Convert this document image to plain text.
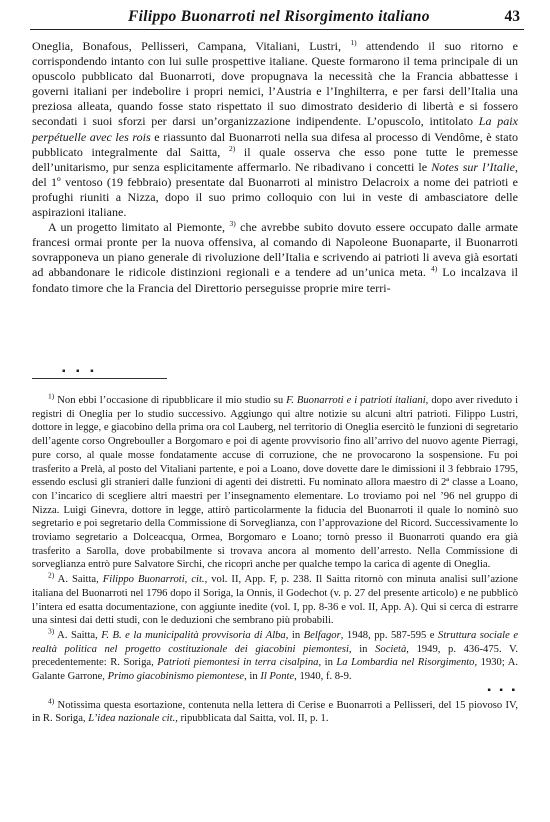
Filippo Buonarroti nel Risorgimento italiano	43

Oneglia, Bonafous, Pellisseri, Campana, Vitaliani, Lustri, $^{1)}$ attendendo il suo ritorno e corrispondendo intanto con lui sulle prospettive italiane. Queste formarono il tema principale di un opuscolo pubblicato dal Buonarroti, dove propugnava la necessità che la Francia abbattesse i governi italiani per indebolire i propri nemici, l’Austria e l’Inghilterra, e per farsi dell’Italia una preziosa alleata, quando fosse stato rispettato il suo dimostrato desiderio di libertà e si fossero secondati i suoi sforzi per darsi un’organizzazione indipendente. L’opuscolo, intitolato La paix perpétuelle avec les rois e riassunto dal Buonarroti nella sua difesa al processo di Vendôme, è stato pubblicato integralmente dal Saitta, $^{2)}$ il quale osserva che esso pone tutte le premesse dell’unitarismo, pur senza esplicitamente affermarlo. Ne ribadivano i concetti le Notes sur l’Italie, del 1º ventoso (19 febbraio) presentate dal Buonarroti al ministro Delacroix a nome dei patrioti e profughi riuniti a Nizza, dopo il suo primo colloquio con lui in veste di ambasciatore delle aspirazioni italiane.

A un progetto limitato al Piemonte, $^{3)}$ che avrebbe subito dovuto essere occupato dalle armate francesi ormai pronte per la nuova offensiva, al comando di Napoleone Buonaparte, il Buonarroti sovrapponeva un piano generale di rivoluzione dell’Italia e scrivendo ai patrioti li aveva già esortati ad abbandonare le ridicole distinzioni regionali e a tendere ad un’unica meta. $^{4)}$ Lo incalzava il fondato timore che la Francia del Direttorio perseguisse proprie mire terri-

▪ ▪ ▪

$^{1)}$ Non ebbi l’occasione di ripubblicare il mio studio su F. Buonarroti e i patrioti italiani, dopo aver riveduto i registri di Oneglia per lo studio successivo. Aggiungo qui altre notizie su alcuni altri patrioti. Filippo Lustri, dottore in legge, e giacobino della prima ora col Lauberg, nel territorio di Oneglia esercitò le funzioni di segretario dell’agente corso Ongrebouller a Borgomaro e poi di agente provvisorio fino all’arrivo del nuovo agente Pierragi, pure corso, al quale mosse fondatamente accuse di corruzione, che ne provocarono la sospensione. Fu poi trasferito a Prelà, al posto del Vitaliani partente, e poi a Loano, dove dovette dare le dimissioni il 3 febbraio 1795, essendo esclusi gli stranieri dalle funzioni di agenti dei distretti. Fu nominato allora maestro di 2ª classe a Loano, con l’incarico di scegliere altri maestri per l’insegnamento elementare. Lo troviamo poi nel ’96 nel gruppo di Nizza. Luigi Ginevra, dottore in legge, attirò particolarmente la fiducia del Buonarroti il quale lo nominò suo segretario e poi segretario della Commissione di Sorveglianza, con l’approvazione del Ricord. Successivamente lo troviamo segretario a Dolceacqua, Ormea, Borgomaro e Loano; tornò presso il Buonarroti quando era già trasferito a Sarolla, dove probabilmente si trovava ancora al momento dell’arresto. Nella Commissione di sorveglianza entrò pure Salvatore Sirchi, che ricoprì anche per qualche tempo la carica di agente di Oneglia.

$^{2)}$ A. Saitta, Filippo Buonarroti, cit., vol. II, App. F, p. 238. Il Saitta ritornò con minuta analisi sull’azione italiana del Buonarroti nel 1796 dopo il Soriga, la Onnis, il Godechot (v. p. 27 del presente articolo) e ne pubblicò l’intera ed esatta documentazione, con aggiunte inedite (vol. I, pp. 8-36 e vol. II, App. A). Qui si cerca di estrarre una sintesi dai detti studi, con le deduzioni che sembrano più probabili.

$^{3)}$ A. Saitta, F. B. e la municipalità provvisoria di Alba, in Belfagor, 1948, pp. 587-595 e Struttura sociale e realtà politica nel progetto costituzionale dei giacobini piemontesi, in Società, 1949, p. 436-475. V. precedentemente: R. Soriga, Patrioti piemontesi in terra cisalpina, in La Lombardia nel Risorgimento, 1930; A. Galante Garrone, Primo giacobinismo piemontese, in Il Ponte, 1940, f. 8-9.

▪ ▪ ▪

$^{4)}$ Notissima questa esortazione, contenuta nella lettera di Cerise e Buonarroti a Pellisseri, del 15 piovoso IV, in R. Soriga, L’idea nazionale cit., ripubblicata dal Saitta, vol. II, p. 1.
